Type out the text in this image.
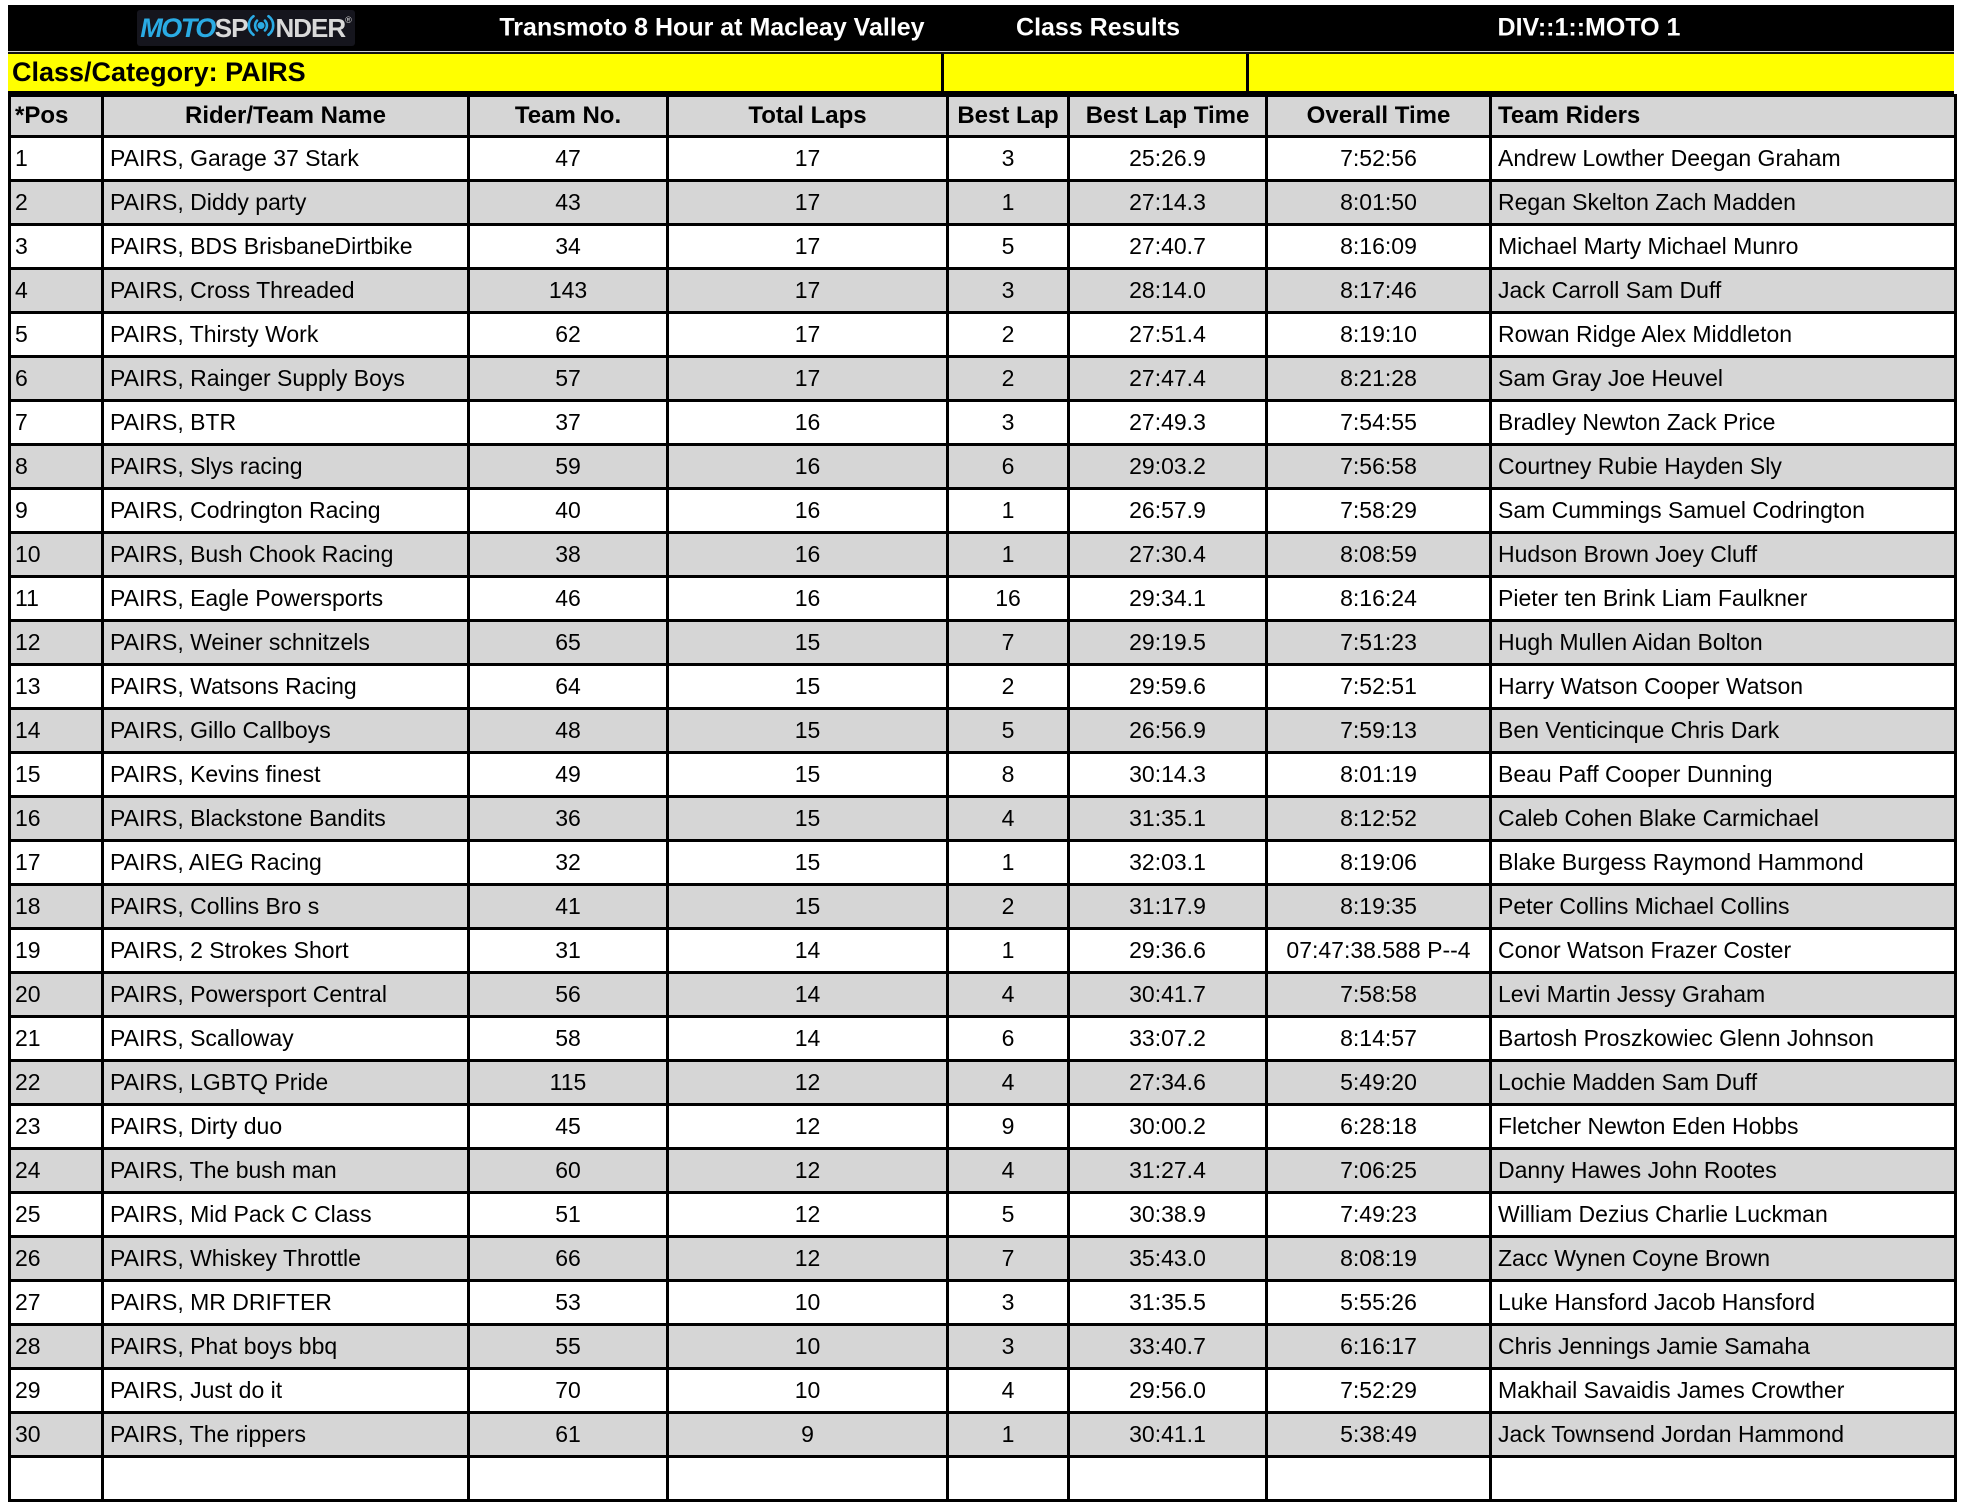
MOTO SP NDER ®	Transmoto 8 Hour at Macleay Valley	Class Results	DIV::1::MOTO 1
Class/Category: PAIRS
*Pos	Rider/Team Name	Team No.	Total Laps	Best Lap	Best Lap Time	Overall Time	Team Riders
1	PAIRS, Garage 37 Stark	47	17	3	25:26.9	7:52:56	Andrew Lowther Deegan Graham
2	PAIRS, Diddy party	43	17	1	27:14.3	8:01:50	Regan Skelton Zach Madden
3	PAIRS, BDS BrisbaneDirtbike	34	17	5	27:40.7	8:16:09	Michael Marty Michael Munro
4	PAIRS, Cross Threaded	143	17	3	28:14.0	8:17:46	Jack Carroll Sam Duff
5	PAIRS, Thirsty Work	62	17	2	27:51.4	8:19:10	Rowan Ridge Alex Middleton
6	PAIRS, Rainger Supply Boys	57	17	2	27:47.4	8:21:28	Sam Gray Joe Heuvel
7	PAIRS, BTR	37	16	3	27:49.3	7:54:55	Bradley Newton Zack Price
8	PAIRS, Slys racing	59	16	6	29:03.2	7:56:58	Courtney Rubie Hayden Sly
9	PAIRS, Codrington Racing	40	16	1	26:57.9	7:58:29	Sam Cummings Samuel Codrington
10	PAIRS, Bush Chook Racing	38	16	1	27:30.4	8:08:59	Hudson Brown Joey Cluff
11	PAIRS, Eagle Powersports	46	16	16	29:34.1	8:16:24	Pieter ten Brink Liam Faulkner
12	PAIRS, Weiner schnitzels	65	15	7	29:19.5	7:51:23	Hugh Mullen Aidan Bolton
13	PAIRS, Watsons Racing	64	15	2	29:59.6	7:52:51	Harry Watson Cooper Watson
14	PAIRS, Gillo Callboys	48	15	5	26:56.9	7:59:13	Ben Venticinque Chris Dark
15	PAIRS, Kevins finest	49	15	8	30:14.3	8:01:19	Beau Paff Cooper Dunning
16	PAIRS, Blackstone Bandits	36	15	4	31:35.1	8:12:52	Caleb Cohen Blake Carmichael
17	PAIRS, AIEG Racing	32	15	1	32:03.1	8:19:06	Blake Burgess Raymond Hammond
18	PAIRS, Collins Bro s	41	15	2	31:17.9	8:19:35	Peter Collins Michael Collins
19	PAIRS, 2 Strokes Short	31	14	1	29:36.6	07:47:38.588 P--4	Conor Watson Frazer Coster
20	PAIRS, Powersport Central	56	14	4	30:41.7	7:58:58	Levi Martin Jessy Graham
21	PAIRS, Scalloway	58	14	6	33:07.2	8:14:57	Bartosh Proszkowiec Glenn Johnson
22	PAIRS, LGBTQ Pride	115	12	4	27:34.6	5:49:20	Lochie Madden Sam Duff
23	PAIRS, Dirty duo	45	12	9	30:00.2	6:28:18	Fletcher Newton Eden Hobbs
24	PAIRS, The bush man	60	12	4	31:27.4	7:06:25	Danny Hawes John Rootes
25	PAIRS, Mid Pack C Class	51	12	5	30:38.9	7:49:23	William Dezius Charlie Luckman
26	PAIRS, Whiskey Throttle	66	12	7	35:43.0	8:08:19	Zacc Wynen Coyne Brown
27	PAIRS, MR DRIFTER	53	10	3	31:35.5	5:55:26	Luke Hansford Jacob Hansford
28	PAIRS, Phat boys bbq	55	10	3	33:40.7	6:16:17	Chris Jennings Jamie Samaha
29	PAIRS, Just do it	70	10	4	29:56.0	7:52:29	Makhail Savaidis James Crowther
30	PAIRS, The rippers	61	9	1	30:41.1	5:38:49	Jack Townsend Jordan Hammond
